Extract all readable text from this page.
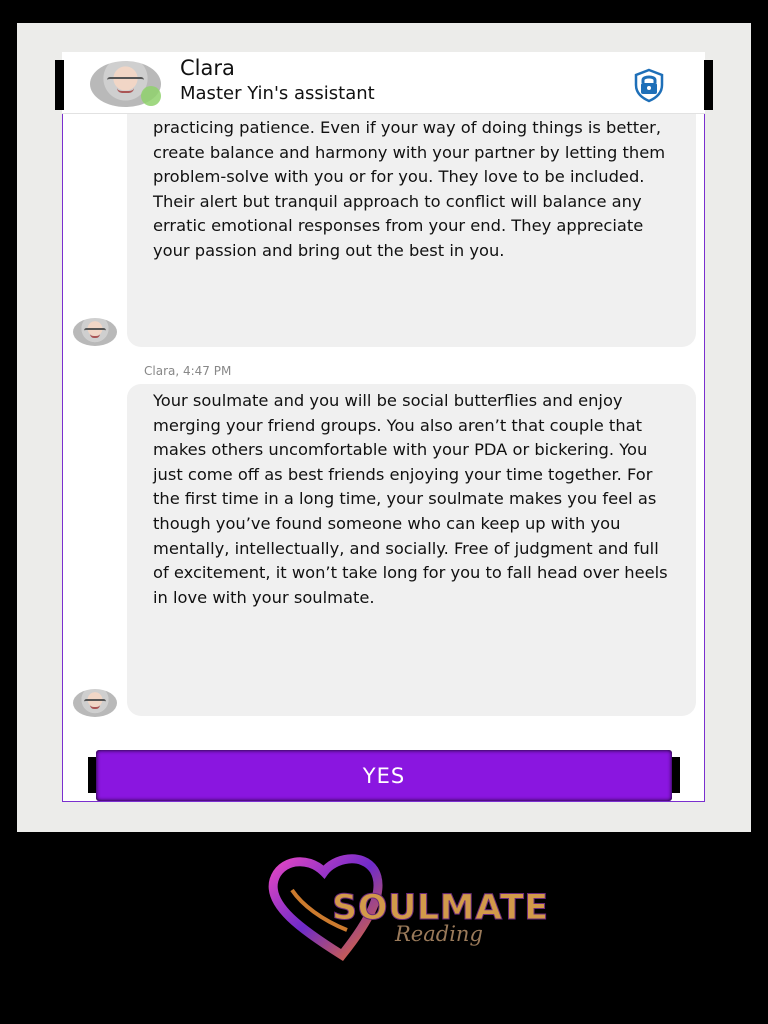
practicing patience. Even if your way of doing things is better, create balance and harmony with your partner by letting them problem-solve with you or for you. They love to be included. Their alert but tranquil approach to conflict will balance any erratic emotional responses from your end. They appreciate your passion and bring out the best in you.
Clara, 4:47 PM
Your soulmate and you will be social butterflies and enjoy merging your friend groups. You also aren’t that couple that makes others uncomfortable with your PDA or bickering. You just come off as best friends enjoying your time together. For the first time in a long time, your soulmate makes you feel as though you’ve found someone who can keep up with you mentally, intellectually, and socially. Free of judgment and full of excitement, it won’t take long for you to fall head over heels in love with your soulmate.
Clara
Master Yin's assistant
YES
SOULMATE
Reading
